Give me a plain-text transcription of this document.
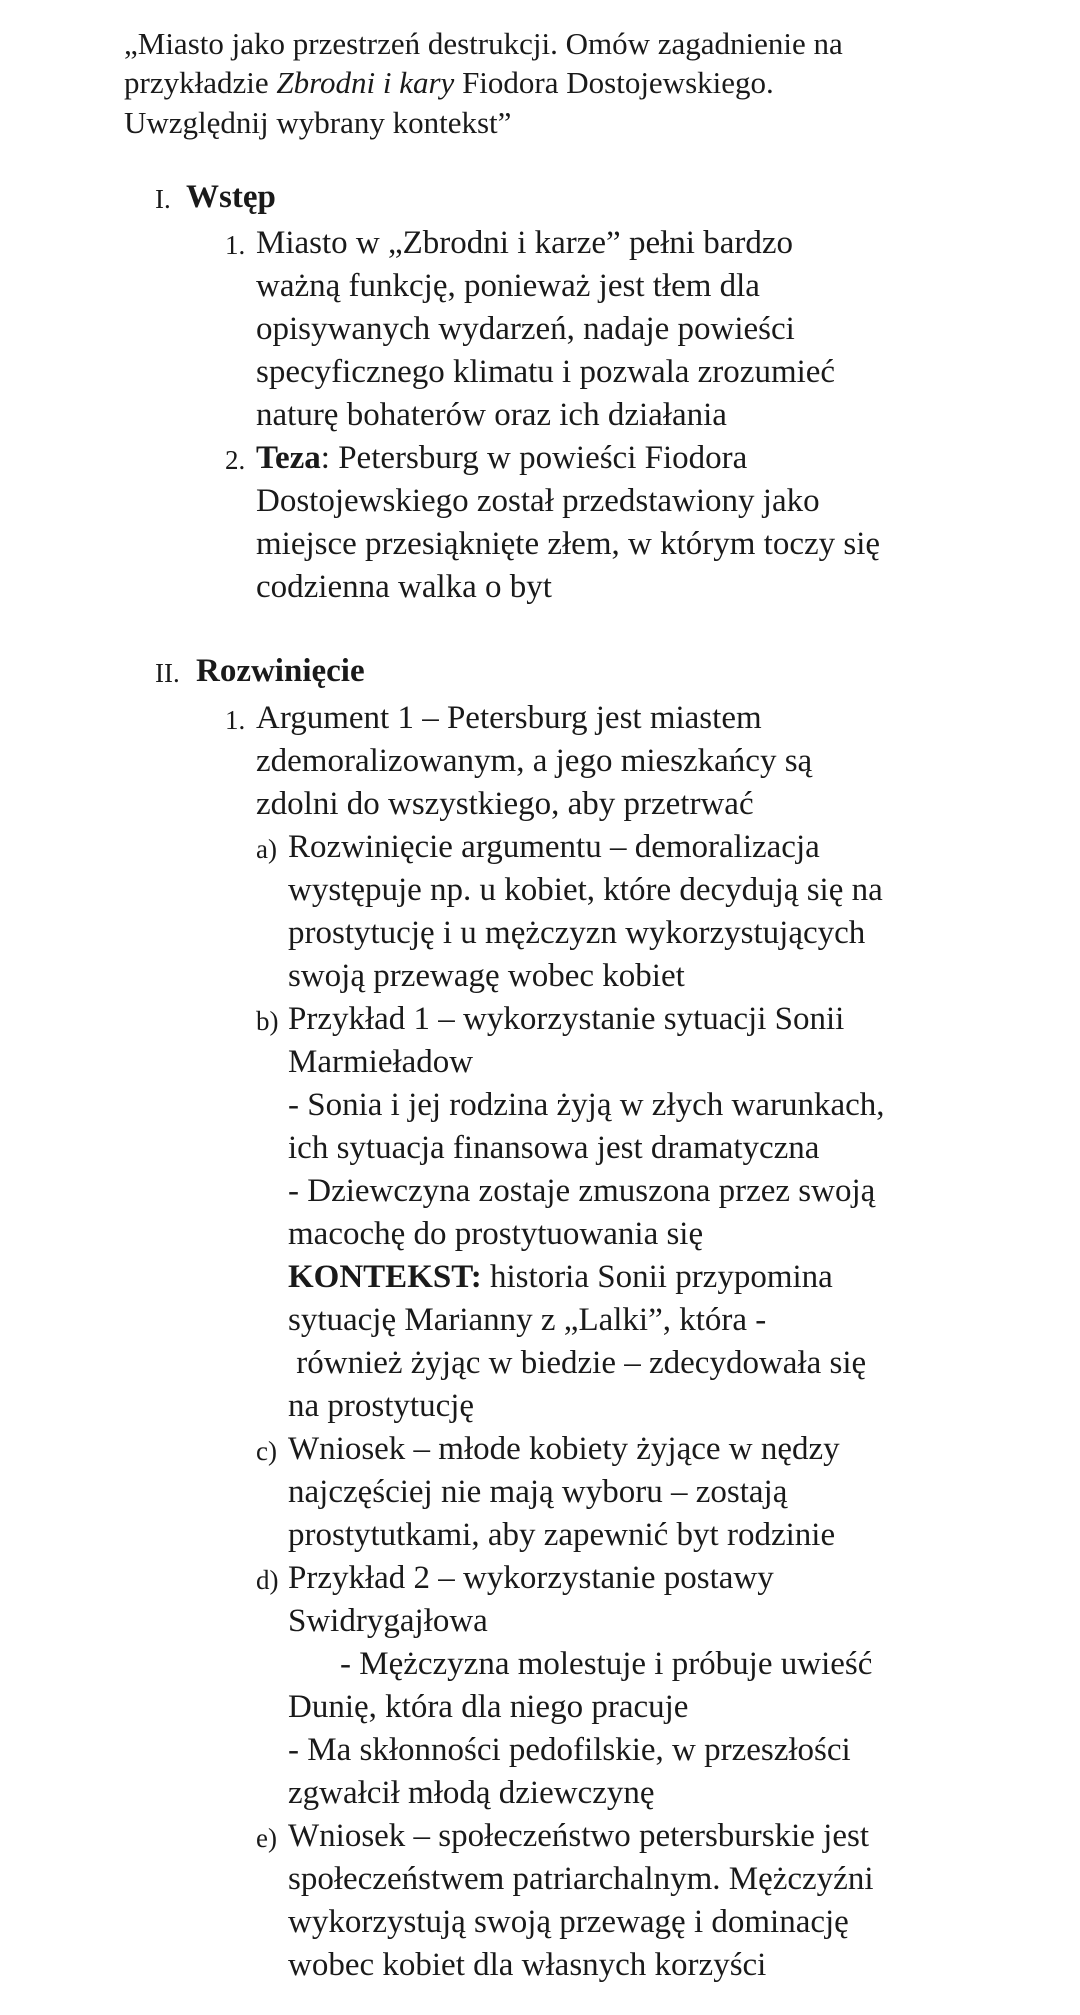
„Miasto jako przestrzeń destrukcji. Omów zagadnienie na
przykładzie Zbrodni i kary Fiodora Dostojewskiego.
Uwzględnij wybrany kontekst”
I. Wstęp
1. Miasto w „Zbrodni i karze” pełni bardzo
ważną funkcję, ponieważ jest tłem dla
opisywanych wydarzeń, nadaje powieści
specyficznego klimatu i pozwala zrozumieć
naturę bohaterów oraz ich działania
2. Teza: Petersburg w powieści Fiodora
Dostojewskiego został przedstawiony jako
miejsce przesiąknięte złem, w którym toczy się
codzienna walka o byt
II. Rozwinięcie
1. Argument 1 – Petersburg jest miastem
zdemoralizowanym, a jego mieszkańcy są
zdolni do wszystkiego, aby przetrwać
a) Rozwinięcie argumentu – demoralizacja
występuje np. u kobiet, które decydują się na
prostytucję i u mężczyzn wykorzystujących
swoją przewagę wobec kobiet
b) Przykład 1 – wykorzystanie sytuacji Sonii
Marmieładow
- Sonia i jej rodzina żyją w złych warunkach,
ich sytuacja finansowa jest dramatyczna
- Dziewczyna zostaje zmuszona przez swoją
macochę do prostytuowania się
KONTEKST: historia Sonii przypomina
sytuację Marianny z „Lalki”, która -
również żyjąc w biedzie – zdecydowała się
na prostytucję
c) Wniosek – młode kobiety żyjące w nędzy
najczęściej nie mają wyboru – zostają
prostytutkami, aby zapewnić byt rodzinie
d) Przykład 2 – wykorzystanie postawy
Swidrygajłowa
- Mężczyzna molestuje i próbuje uwieść
Dunię, która dla niego pracuje
- Ma skłonności pedofilskie, w przeszłości
zgwałcił młodą dziewczynę
e) Wniosek – społeczeństwo petersburskie jest
społeczeństwem patriarchalnym. Mężczyźni
wykorzystują swoją przewagę i dominację
wobec kobiet dla własnych korzyści
